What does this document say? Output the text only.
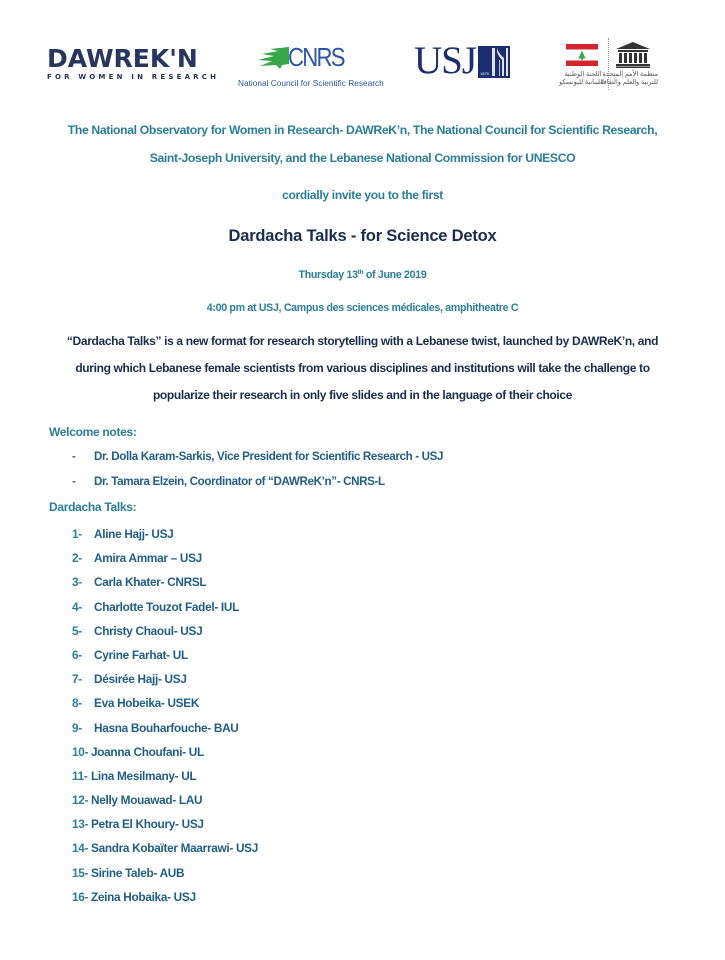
DAWREK'N
FOR WOMEN IN RESEARCH
CNRS
National Council for Scientific Research
USJ 1875	اللجنة الوطنية
اللبنانية لليونسكو
منظمة الأمم المتحدة
للتربية والعلم والثقافة
The National Observatory for Women in Research- DAWReK’n, The National Council for Scientific Research,
Saint-Joseph University, and the Lebanese National Commission for UNESCO
cordially invite you to the first
Dardacha Talks - for Science Detox
Thursday 13th of June 2019
4:00 pm at USJ, Campus des sciences médicales, amphitheatre C
“Dardacha Talks” is a new format for research storytelling with a Lebanese twist, launched by DAWReK’n, and
during which Lebanese female scientists from various disciplines and institutions will take the challenge to
popularize their research in only five slides and in the language of their choice
Welcome notes:
-	Dr. Dolla Karam-Sarkis, Vice President for Scientific Research - USJ
-	Dr. Tamara Elzein, Coordinator of “DAWReK’n”- CNRS-L
Dardacha Talks:
1-	Aline Hajj- USJ
2-	Amira Ammar – USJ
3-	Carla Khater- CNRSL
4-	Charlotte Touzot Fadel- IUL
5-	Christy Chaoul- USJ
6-	Cyrine Farhat- UL
7-	Désirée Hajj- USJ
8-	Eva Hobeika- USEK
9-	Hasna Bouharfouche- BAU
10- Joanna Choufani- UL
11- Lina Mesilmany- UL
12- Nelly Mouawad- LAU
13- Petra El Khoury- USJ
14- Sandra Kobaïter Maarrawi- USJ
15- Sirine Taleb- AUB
16- Zeina Hobaika- USJ
